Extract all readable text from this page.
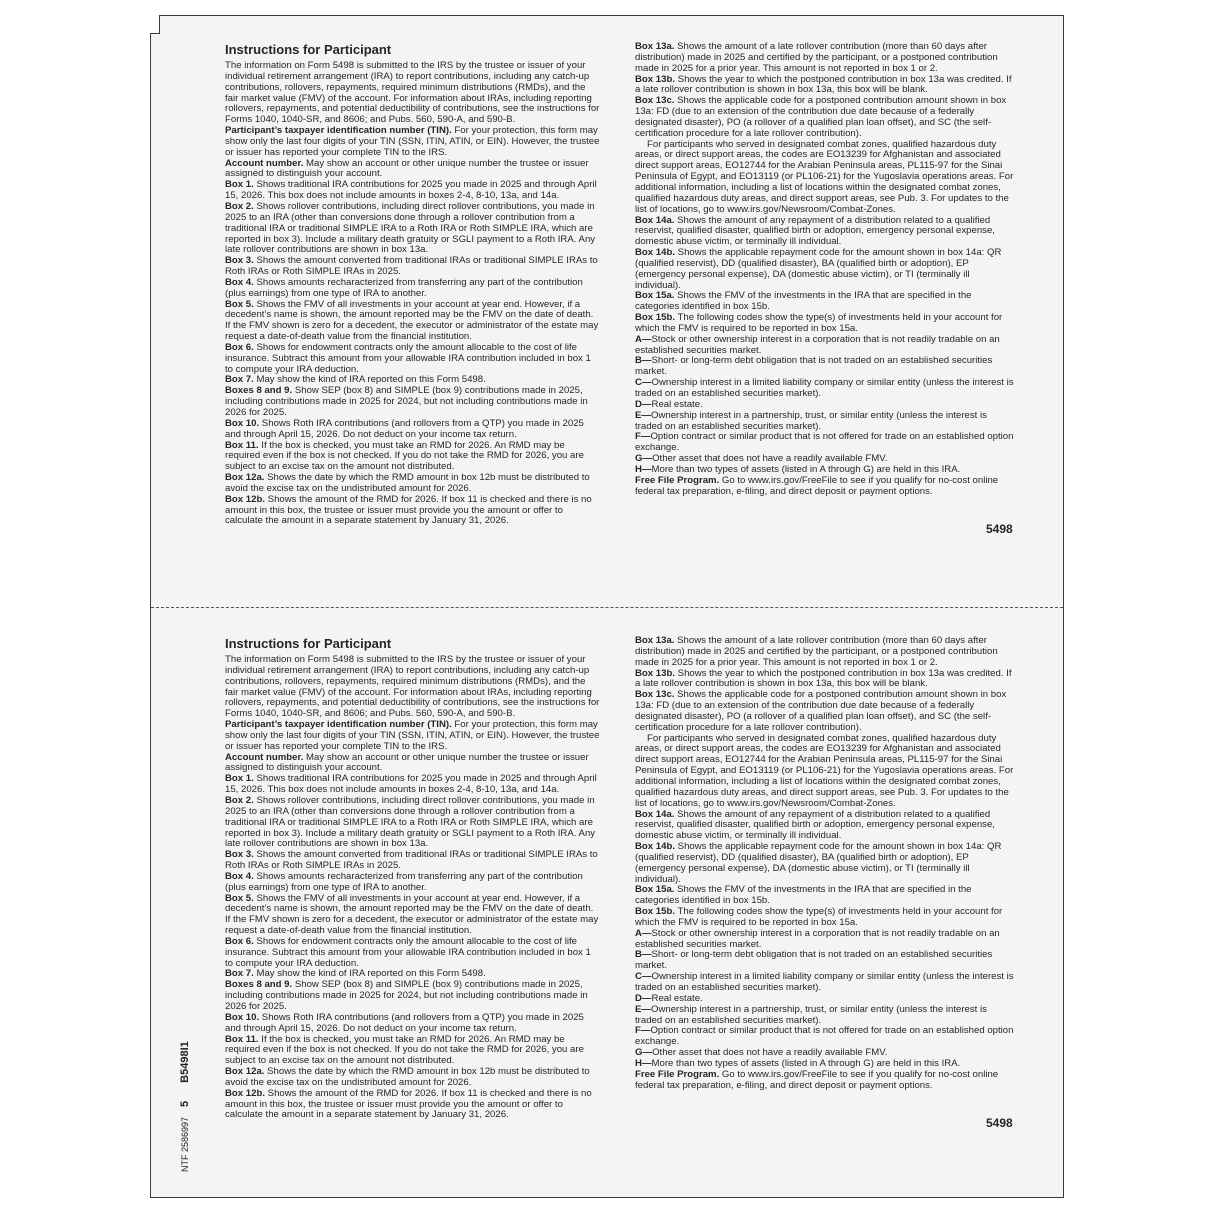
Instructions for Participant

The information on Form 5498 is submitted to the IRS by the trustee or issuer of your individual retirement arrangement (IRA) to report contributions, including any catch-up contributions, rollovers, repayments, required minimum distributions (RMDs), and the fair market value (FMV) of the account. For information about IRAs, including reporting rollovers, repayments, and potential deductibility of contributions, see the instructions for Forms 1040, 1040-SR, and 8606; and Pubs. 560, 590-A, and 590-B.

Participant’s taxpayer identification number (TIN). For your protection, this form may show only the last four digits of your TIN (SSN, ITIN, ATIN, or EIN). However, the trustee or issuer has reported your complete TIN to the IRS.

Account number. May show an account or other unique number the trustee or issuer assigned to distinguish your account.

Box 1. Shows traditional IRA contributions for 2025 you made in 2025 and through April 15, 2026. This box does not include amounts in boxes 2-4, 8-10, 13a, and 14a.

Box 2. Shows rollover contributions, including direct rollover contributions, you made in 2025 to an IRA (other than conversions done through a rollover contribution from a traditional IRA or traditional SIMPLE IRA to a Roth IRA or Roth SIMPLE IRA, which are reported in box 3). Include a military death gratuity or SGLI payment to a Roth IRA. Any late rollover contributions are shown in box 13a.

Box 3. Shows the amount converted from traditional IRAs or traditional SIMPLE IRAs to Roth IRAs or Roth SIMPLE IRAs in 2025.

Box 4. Shows amounts recharacterized from transferring any part of the contribution (plus earnings) from one type of IRA to another.

Box 5. Shows the FMV of all investments in your account at year end. However, if a decedent’s name is shown, the amount reported may be the FMV on the date of death. If the FMV shown is zero for a decedent, the executor or administrator of the estate may request a date-of-death value from the financial institution.

Box 6. Shows for endowment contracts only the amount allocable to the cost of life insurance. Subtract this amount from your allowable IRA contribution included in box 1 to compute your IRA deduction.

Box 7. May show the kind of IRA reported on this Form 5498.

Boxes 8 and 9. Show SEP (box 8) and SIMPLE (box 9) contributions made in 2025, including contributions made in 2025 for 2024, but not including contributions made in 2026 for 2025.

Box 10. Shows Roth IRA contributions (and rollovers from a QTP) you made in 2025 and through April 15, 2026. Do not deduct on your income tax return.

Box 11. If the box is checked, you must take an RMD for 2026. An RMD may be required even if the box is not checked. If you do not take the RMD for 2026, you are subject to an excise tax on the amount not distributed.

Box 12a. Shows the date by which the RMD amount in box 12b must be distributed to avoid the excise tax on the undistributed amount for 2026.

Box 12b. Shows the amount of the RMD for 2026. If box 11 is checked and there is no amount in this box, the trustee or issuer must provide you the amount or offer to calculate the amount in a separate statement by January 31, 2026.

Box 13a. Shows the amount of a late rollover contribution (more than 60 days after distribution) made in 2025 and certified by the participant, or a postponed contribution made in 2025 for a prior year. This amount is not reported in box 1 or 2.

Box 13b. Shows the year to which the postponed contribution in box 13a was credited. If a late rollover contribution is shown in box 13a, this box will be blank.

Box 13c. Shows the applicable code for a postponed contribution amount shown in box 13a: FD (due to an extension of the contribution due date because of a federally designated disaster), PO (a rollover of a qualified plan loan offset), and SC (the self-certification procedure for a late rollover contribution).

For participants who served in designated combat zones, qualified hazardous duty areas, or direct support areas, the codes are EO13239 for Afghanistan and associated direct support areas, EO12744 for the Arabian Peninsula areas, PL115-97 for the Sinai Peninsula of Egypt, and EO13119 (or PL106-21) for the Yugoslavia operations areas. For additional information, including a list of locations within the designated combat zones, qualified hazardous duty areas, and direct support areas, see Pub. 3. For updates to the list of locations, go to www.irs.gov/Newsroom/Combat-Zones.

Box 14a. Shows the amount of any repayment of a distribution related to a qualified reservist, qualified disaster, qualified birth or adoption, emergency personal expense, domestic abuse victim, or terminally ill individual.

Box 14b. Shows the applicable repayment code for the amount shown in box 14a: QR (qualified reservist), DD (qualified disaster), BA (qualified birth or adoption), EP (emergency personal expense), DA (domestic abuse victim), or TI (terminally ill individual).

Box 15a. Shows the FMV of the investments in the IRA that are specified in the categories identified in box 15b.

Box 15b. The following codes show the type(s) of investments held in your account for which the FMV is required to be reported in box 15a.

A—Stock or other ownership interest in a corporation that is not readily tradable on an established securities market.

B—Short- or long-term debt obligation that is not traded on an established securities market.

C—Ownership interest in a limited liability company or similar entity (unless the interest is traded on an established securities market).

D—Real estate.

E—Ownership interest in a partnership, trust, or similar entity (unless the interest is traded on an established securities market).

F—Option contract or similar product that is not offered for trade on an established option exchange.

G—Other asset that does not have a readily available FMV.

H—More than two types of assets (listed in A through G) are held in this IRA.

Free File Program. Go to www.irs.gov/FreeFile to see if you qualify for no-cost online federal tax preparation, e-filing, and direct deposit or payment options.

5498
Instructions for Participant

The information on Form 5498 is submitted to the IRS by the trustee or issuer of your individual retirement arrangement (IRA) to report contributions, including any catch-up contributions, rollovers, repayments, required minimum distributions (RMDs), and the fair market value (FMV) of the account. For information about IRAs, including reporting rollovers, repayments, and potential deductibility of contributions, see the instructions for Forms 1040, 1040-SR, and 8606; and Pubs. 560, 590-A, and 590-B.

Participant’s taxpayer identification number (TIN). For your protection, this form may show only the last four digits of your TIN (SSN, ITIN, ATIN, or EIN). However, the trustee or issuer has reported your complete TIN to the IRS.

Account number. May show an account or other unique number the trustee or issuer assigned to distinguish your account.

Box 1. Shows traditional IRA contributions for 2025 you made in 2025 and through April 15, 2026. This box does not include amounts in boxes 2-4, 8-10, 13a, and 14a.

Box 2. Shows rollover contributions, including direct rollover contributions, you made in 2025 to an IRA (other than conversions done through a rollover contribution from a traditional IRA or traditional SIMPLE IRA to a Roth IRA or Roth SIMPLE IRA, which are reported in box 3). Include a military death gratuity or SGLI payment to a Roth IRA. Any late rollover contributions are shown in box 13a.

Box 3. Shows the amount converted from traditional IRAs or traditional SIMPLE IRAs to Roth IRAs or Roth SIMPLE IRAs in 2025.

Box 4. Shows amounts recharacterized from transferring any part of the contribution (plus earnings) from one type of IRA to another.

Box 5. Shows the FMV of all investments in your account at year end. However, if a decedent’s name is shown, the amount reported may be the FMV on the date of death. If the FMV shown is zero for a decedent, the executor or administrator of the estate may request a date-of-death value from the financial institution.

Box 6. Shows for endowment contracts only the amount allocable to the cost of life insurance. Subtract this amount from your allowable IRA contribution included in box 1 to compute your IRA deduction.

Box 7. May show the kind of IRA reported on this Form 5498.

Boxes 8 and 9. Show SEP (box 8) and SIMPLE (box 9) contributions made in 2025, including contributions made in 2025 for 2024, but not including contributions made in 2026 for 2025.

Box 10. Shows Roth IRA contributions (and rollovers from a QTP) you made in 2025 and through April 15, 2026. Do not deduct on your income tax return.

Box 11. If the box is checked, you must take an RMD for 2026. An RMD may be required even if the box is not checked. If you do not take the RMD for 2026, you are subject to an excise tax on the amount not distributed.

Box 12a. Shows the date by which the RMD amount in box 12b must be distributed to avoid the excise tax on the undistributed amount for 2026.

Box 12b. Shows the amount of the RMD for 2026. If box 11 is checked and there is no amount in this box, the trustee or issuer must provide you the amount or offer to calculate the amount in a separate statement by January 31, 2026.

Box 13a. Shows the amount of a late rollover contribution (more than 60 days after distribution) made in 2025 and certified by the participant, or a postponed contribution made in 2025 for a prior year. This amount is not reported in box 1 or 2.

Box 13b. Shows the year to which the postponed contribution in box 13a was credited. If a late rollover contribution is shown in box 13a, this box will be blank.

Box 13c. Shows the applicable code for a postponed contribution amount shown in box 13a: FD (due to an extension of the contribution due date because of a federally designated disaster), PO (a rollover of a qualified plan loan offset), and SC (the self-certification procedure for a late rollover contribution).

For participants who served in designated combat zones, qualified hazardous duty areas, or direct support areas, the codes are EO13239 for Afghanistan and associated direct support areas, EO12744 for the Arabian Peninsula areas, PL115-97 for the Sinai Peninsula of Egypt, and EO13119 (or PL106-21) for the Yugoslavia operations areas. For additional information, including a list of locations within the designated combat zones, qualified hazardous duty areas, and direct support areas, see Pub. 3. For updates to the list of locations, go to www.irs.gov/Newsroom/Combat-Zones.

Box 14a. Shows the amount of any repayment of a distribution related to a qualified reservist, qualified disaster, qualified birth or adoption, emergency personal expense, domestic abuse victim, or terminally ill individual.

Box 14b. Shows the applicable repayment code for the amount shown in box 14a: QR (qualified reservist), DD (qualified disaster), BA (qualified birth or adoption), EP (emergency personal expense), DA (domestic abuse victim), or TI (terminally ill individual).

Box 15a. Shows the FMV of the investments in the IRA that are specified in the categories identified in box 15b.

Box 15b. The following codes show the type(s) of investments held in your account for which the FMV is required to be reported in box 15a.

A—Stock or other ownership interest in a corporation that is not readily tradable on an established securities market.

B—Short- or long-term debt obligation that is not traded on an established securities market.

C—Ownership interest in a limited liability company or similar entity (unless the interest is traded on an established securities market).

D—Real estate.

E—Ownership interest in a partnership, trust, or similar entity (unless the interest is traded on an established securities market).

F—Option contract or similar product that is not offered for trade on an established option exchange.

G—Other asset that does not have a readily available FMV.

H—More than two types of assets (listed in A through G) are held in this IRA.

Free File Program. Go to www.irs.gov/FreeFile to see if you qualify for no-cost online federal tax preparation, e-filing, and direct deposit or payment options.

5498
NTF 25869975B5498I1
